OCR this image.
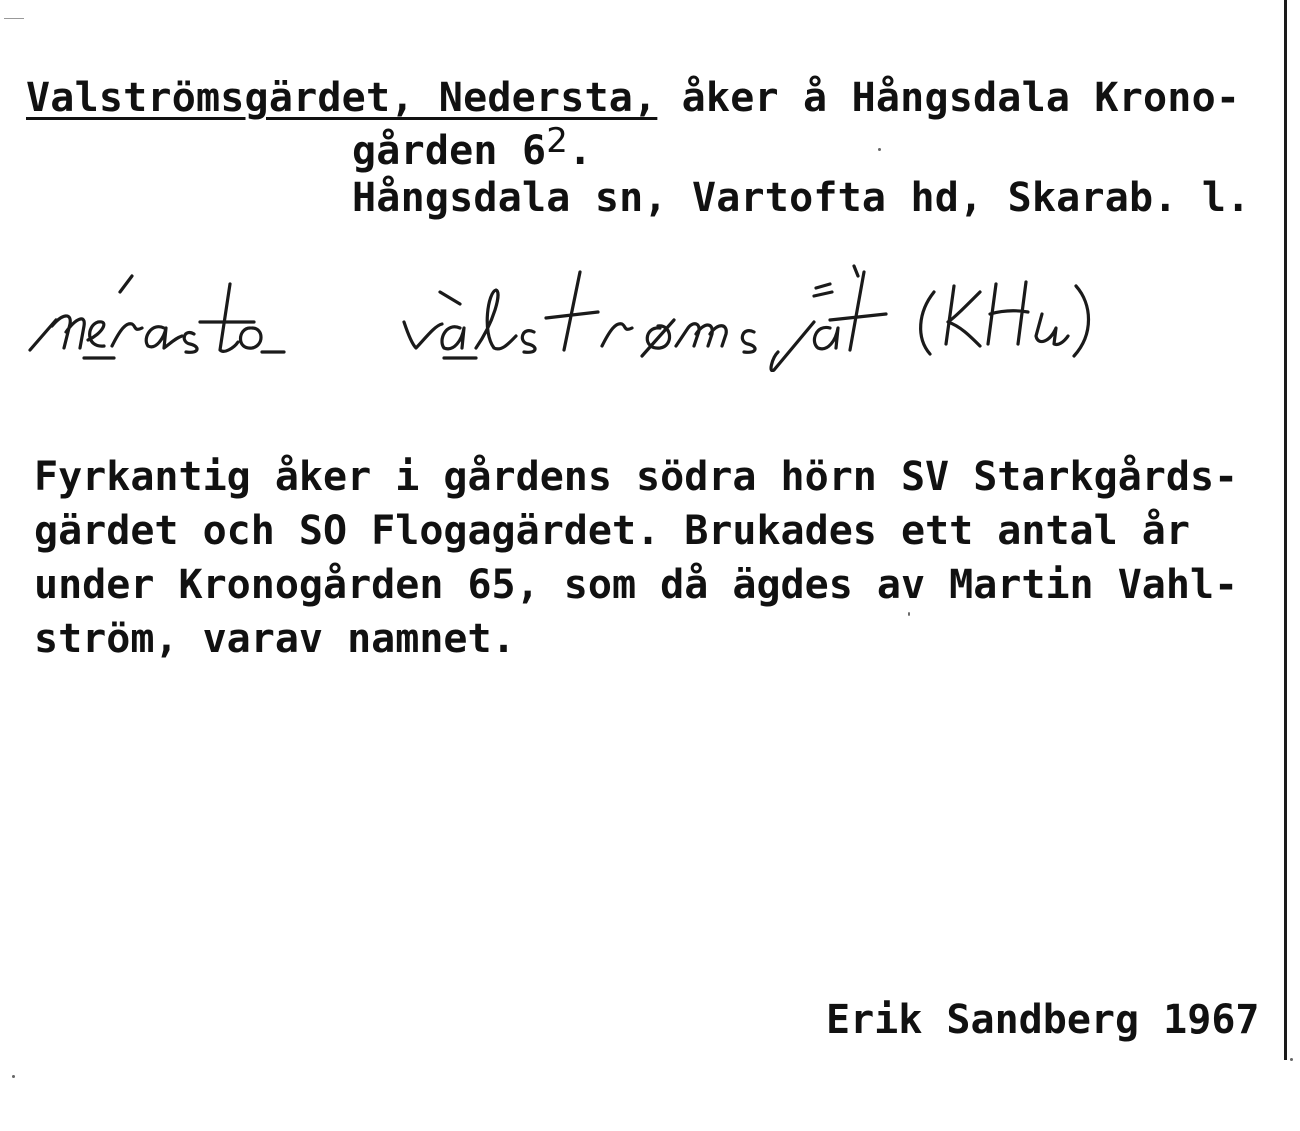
Valströmsgärdet, Nedersta, åker å Hångsdala Krono-
gården $6^2$.
Hångsdala sn, Vartofta hd, Skarab. l.
Fyrkantig åker i gårdens södra hörn SV Starkgårds-
gärdet och SO Flogagärdet. Brukades ett antal år
under Kronogården 65, som då ägdes av Martin Vahl-
ström, varav namnet.
Erik Sandberg 1967
